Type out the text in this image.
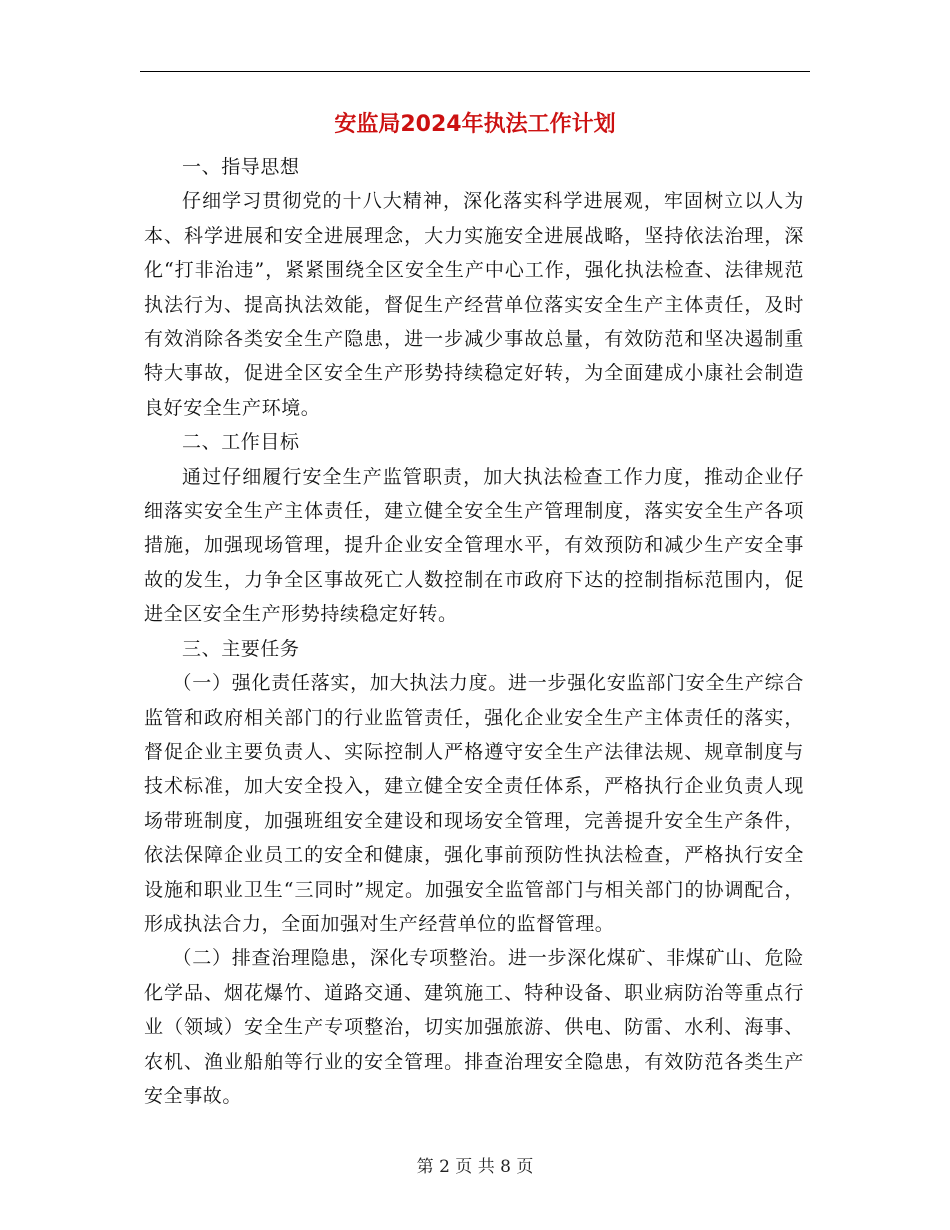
安监局2024年执法工作计划

一、指导思想

仔细学习贯彻党的十八大精神，深化落实科学进展观，牢固树立以人为本、科学进展和安全进展理念，大力实施安全进展战略，坚持依法治理，深化“打非治违”，紧紧围绕全区安全生产中心工作，强化执法检查、法律规范执法行为、提高执法效能，督促生产经营单位落实安全生产主体责任，及时有效消除各类安全生产隐患，进一步减少事故总量，有效防范和坚决遏制重特大事故，促进全区安全生产形势持续稳定好转，为全面建成小康社会制造良好安全生产环境。

二、工作目标

通过仔细履行安全生产监管职责，加大执法检查工作力度，推动企业仔细落实安全生产主体责任，建立健全安全生产管理制度，落实安全生产各项措施，加强现场管理，提升企业安全管理水平，有效预防和减少生产安全事故的发生，力争全区事故死亡人数控制在市政府下达的控制指标范围内，促进全区安全生产形势持续稳定好转。

三、主要任务

（一）强化责任落实，加大执法力度。进一步强化安监部门安全生产综合监管和政府相关部门的行业监管责任，强化企业安全生产主体责任的落实，督促企业主要负责人、实际控制人严格遵守安全生产法律法规、规章制度与技术标准，加大安全投入，建立健全安全责任体系，严格执行企业负责人现场带班制度，加强班组安全建设和现场安全管理，完善提升安全生产条件，依法保障企业员工的安全和健康，强化事前预防性执法检查，严格执行安全设施和职业卫生“三同时”规定。加强安全监管部门与相关部门的协调配合，形成执法合力，全面加强对生产经营单位的监督管理。

（二）排查治理隐患，深化专项整治。进一步深化煤矿、非煤矿山、危险化学品、烟花爆竹、道路交通、建筑施工、特种设备、职业病防治等重点行业（领域）安全生产专项整治，切实加强旅游、供电、防雷、水利、海事、农机、渔业船舶等行业的安全管理。排查治理安全隐患，有效防范各类生产安全事故。

第 2 页 共 8 页
